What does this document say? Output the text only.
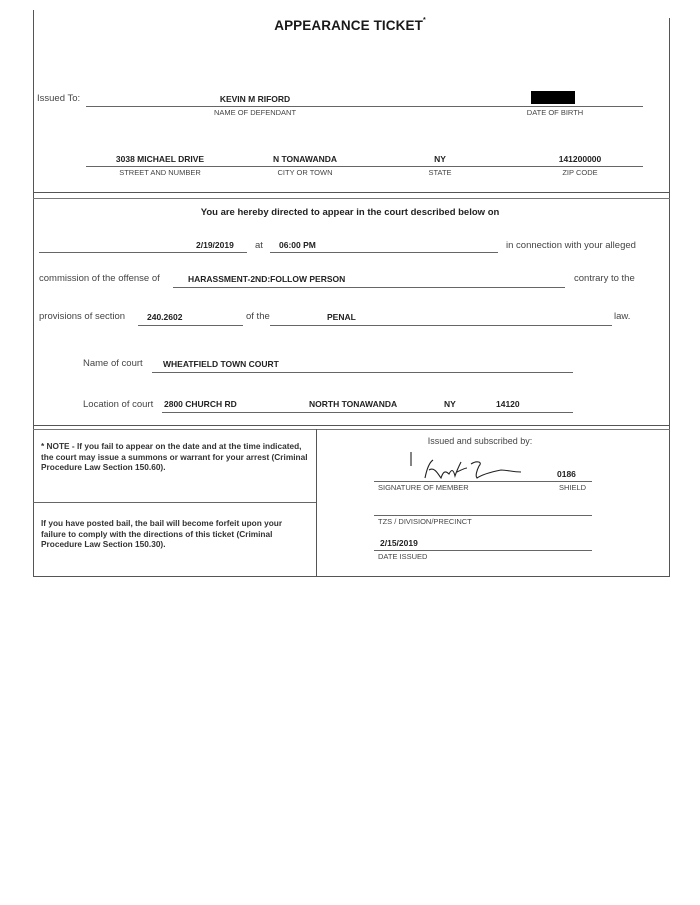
APPEARANCE TICKET*
Issued To:	KEVIN M RIFORD
NAME OF DEFENDANT	DATE OF BIRTH
3038 MICHAEL DRIVE	N TONAWANDA	NY	141200000
STREET AND NUMBER	CITY OR TOWN	STATE	ZIP CODE
You are hereby directed to appear in the court described below on
2/19/2019 at 06:00 PM	in connection with your alleged
commission of the offense of	HARASSMENT-2ND:FOLLOW PERSON	contrary to the
provisions of section	240.2602	of the	PENAL	law.
Name of court WHEATFIELD TOWN COURT
Location of court 2800 CHURCH RD	NORTH TONAWANDA	NY	14120
* NOTE - If you fail to appear on the date and at the time indicated, the court may issue a summons or warrant for your arrest (Criminal Procedure Law Section 150.60).
If you have posted bail, the bail will become forfeit upon your failure to comply with the directions of this ticket (Criminal Procedure Law Section 150.30).
Issued and subscribed by:
0186
SIGNATURE OF MEMBER	SHIELD
TZS / DIVISION/PRECINCT
2/15/2019
DATE ISSUED
